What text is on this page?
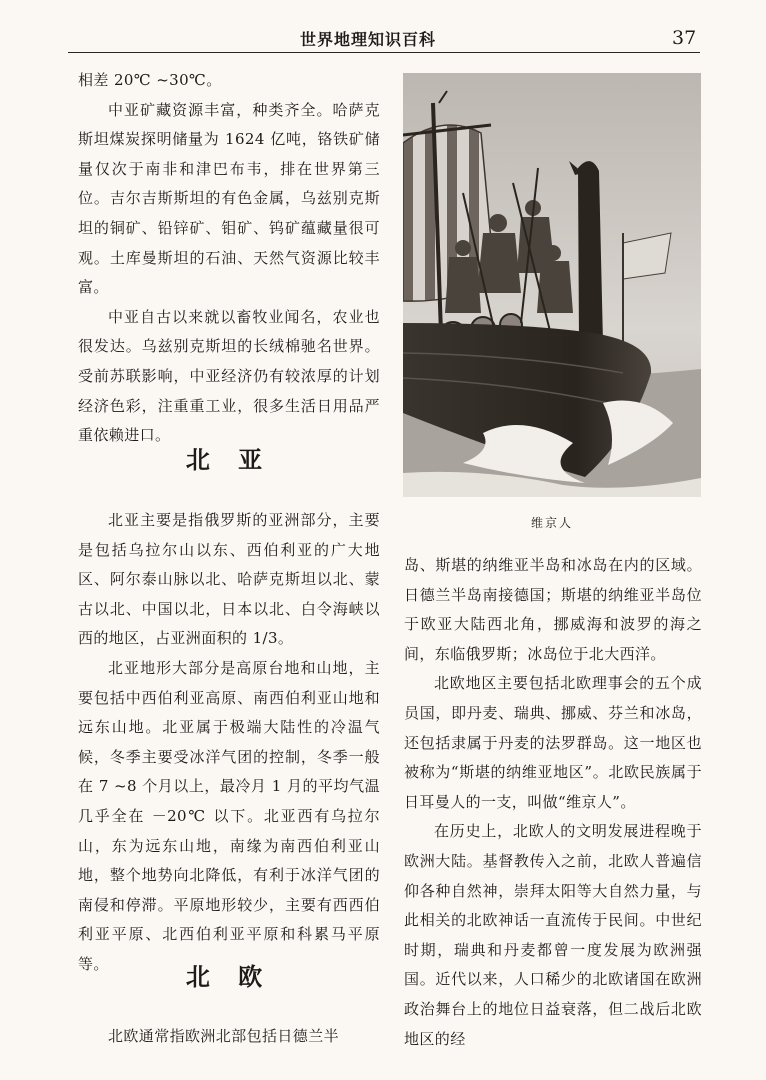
世界地理知识百科	37

相差 20℃ ~30℃。

中亚矿藏资源丰富，种类齐全。哈萨克斯坦煤炭探明储量为 1624 亿吨，铬铁矿储量仅次于南非和津巴布韦，排在世界第三位。吉尔吉斯斯坦的有色金属，乌兹别克斯坦的铜矿、铅锌矿、钼矿、钨矿蕴藏量很可观。土库曼斯坦的石油、天然气资源比较丰富。

中亚自古以来就以畜牧业闻名，农业也很发达。乌兹别克斯坦的长绒棉驰名世界。受前苏联影响，中亚经济仍有较浓厚的计划经济色彩，注重重工业，很多生活日用品严重依赖进口。

北 亚

北亚主要是指俄罗斯的亚洲部分，主要是包括乌拉尔山以东、西伯利亚的广大地区、阿尔泰山脉以北、哈萨克斯坦以北、蒙古以北、中国以北，日本以北、白令海峡以西的地区，占亚洲面积的 1/3。

北亚地形大部分是高原台地和山地，主要包括中西伯利亚高原、南西伯利亚山地和远东山地。北亚属于极端大陆性的冷温气候，冬季主要受冰洋气团的控制，冬季一般在 7 ~8 个月以上，最冷月 1 月的平均气温几乎全在 －20℃ 以下。北亚西有乌拉尔山，东为远东山地，南缘为南西伯利亚山地，整个地势向北降低，有利于冰洋气团的南侵和停滞。平原地形较少，主要有西西伯利亚平原、北西伯利亚平原和科累马平原等。	北 欧

北欧通常指欧洲北部包括日德兰半

维京人

岛、斯堪的纳维亚半岛和冰岛在内的区域。日德兰半岛南接德国；斯堪的纳维亚半岛位于欧亚大陆西北角，挪威海和波罗的海之间，东临俄罗斯；冰岛位于北大西洋。

北欧地区主要包括北欧理事会的五个成员国，即丹麦、瑞典、挪威、芬兰和冰岛，还包括隶属于丹麦的法罗群岛。这一地区也被称为“斯堪的纳维亚地区”。北欧民族属于日耳曼人的一支，叫做“维京人”。

在历史上，北欧人的文明发展进程晚于欧洲大陆。基督教传入之前，北欧人普遍信仰各种自然神，崇拜太阳等大自然力量，与此相关的北欧神话一直流传于民间。中世纪时期，瑞典和丹麦都曾一度发展为欧洲强国。近代以来，人口稀少的北欧诸国在欧洲政治舞台上的地位日益衰落，但二战后北欧地区的经
